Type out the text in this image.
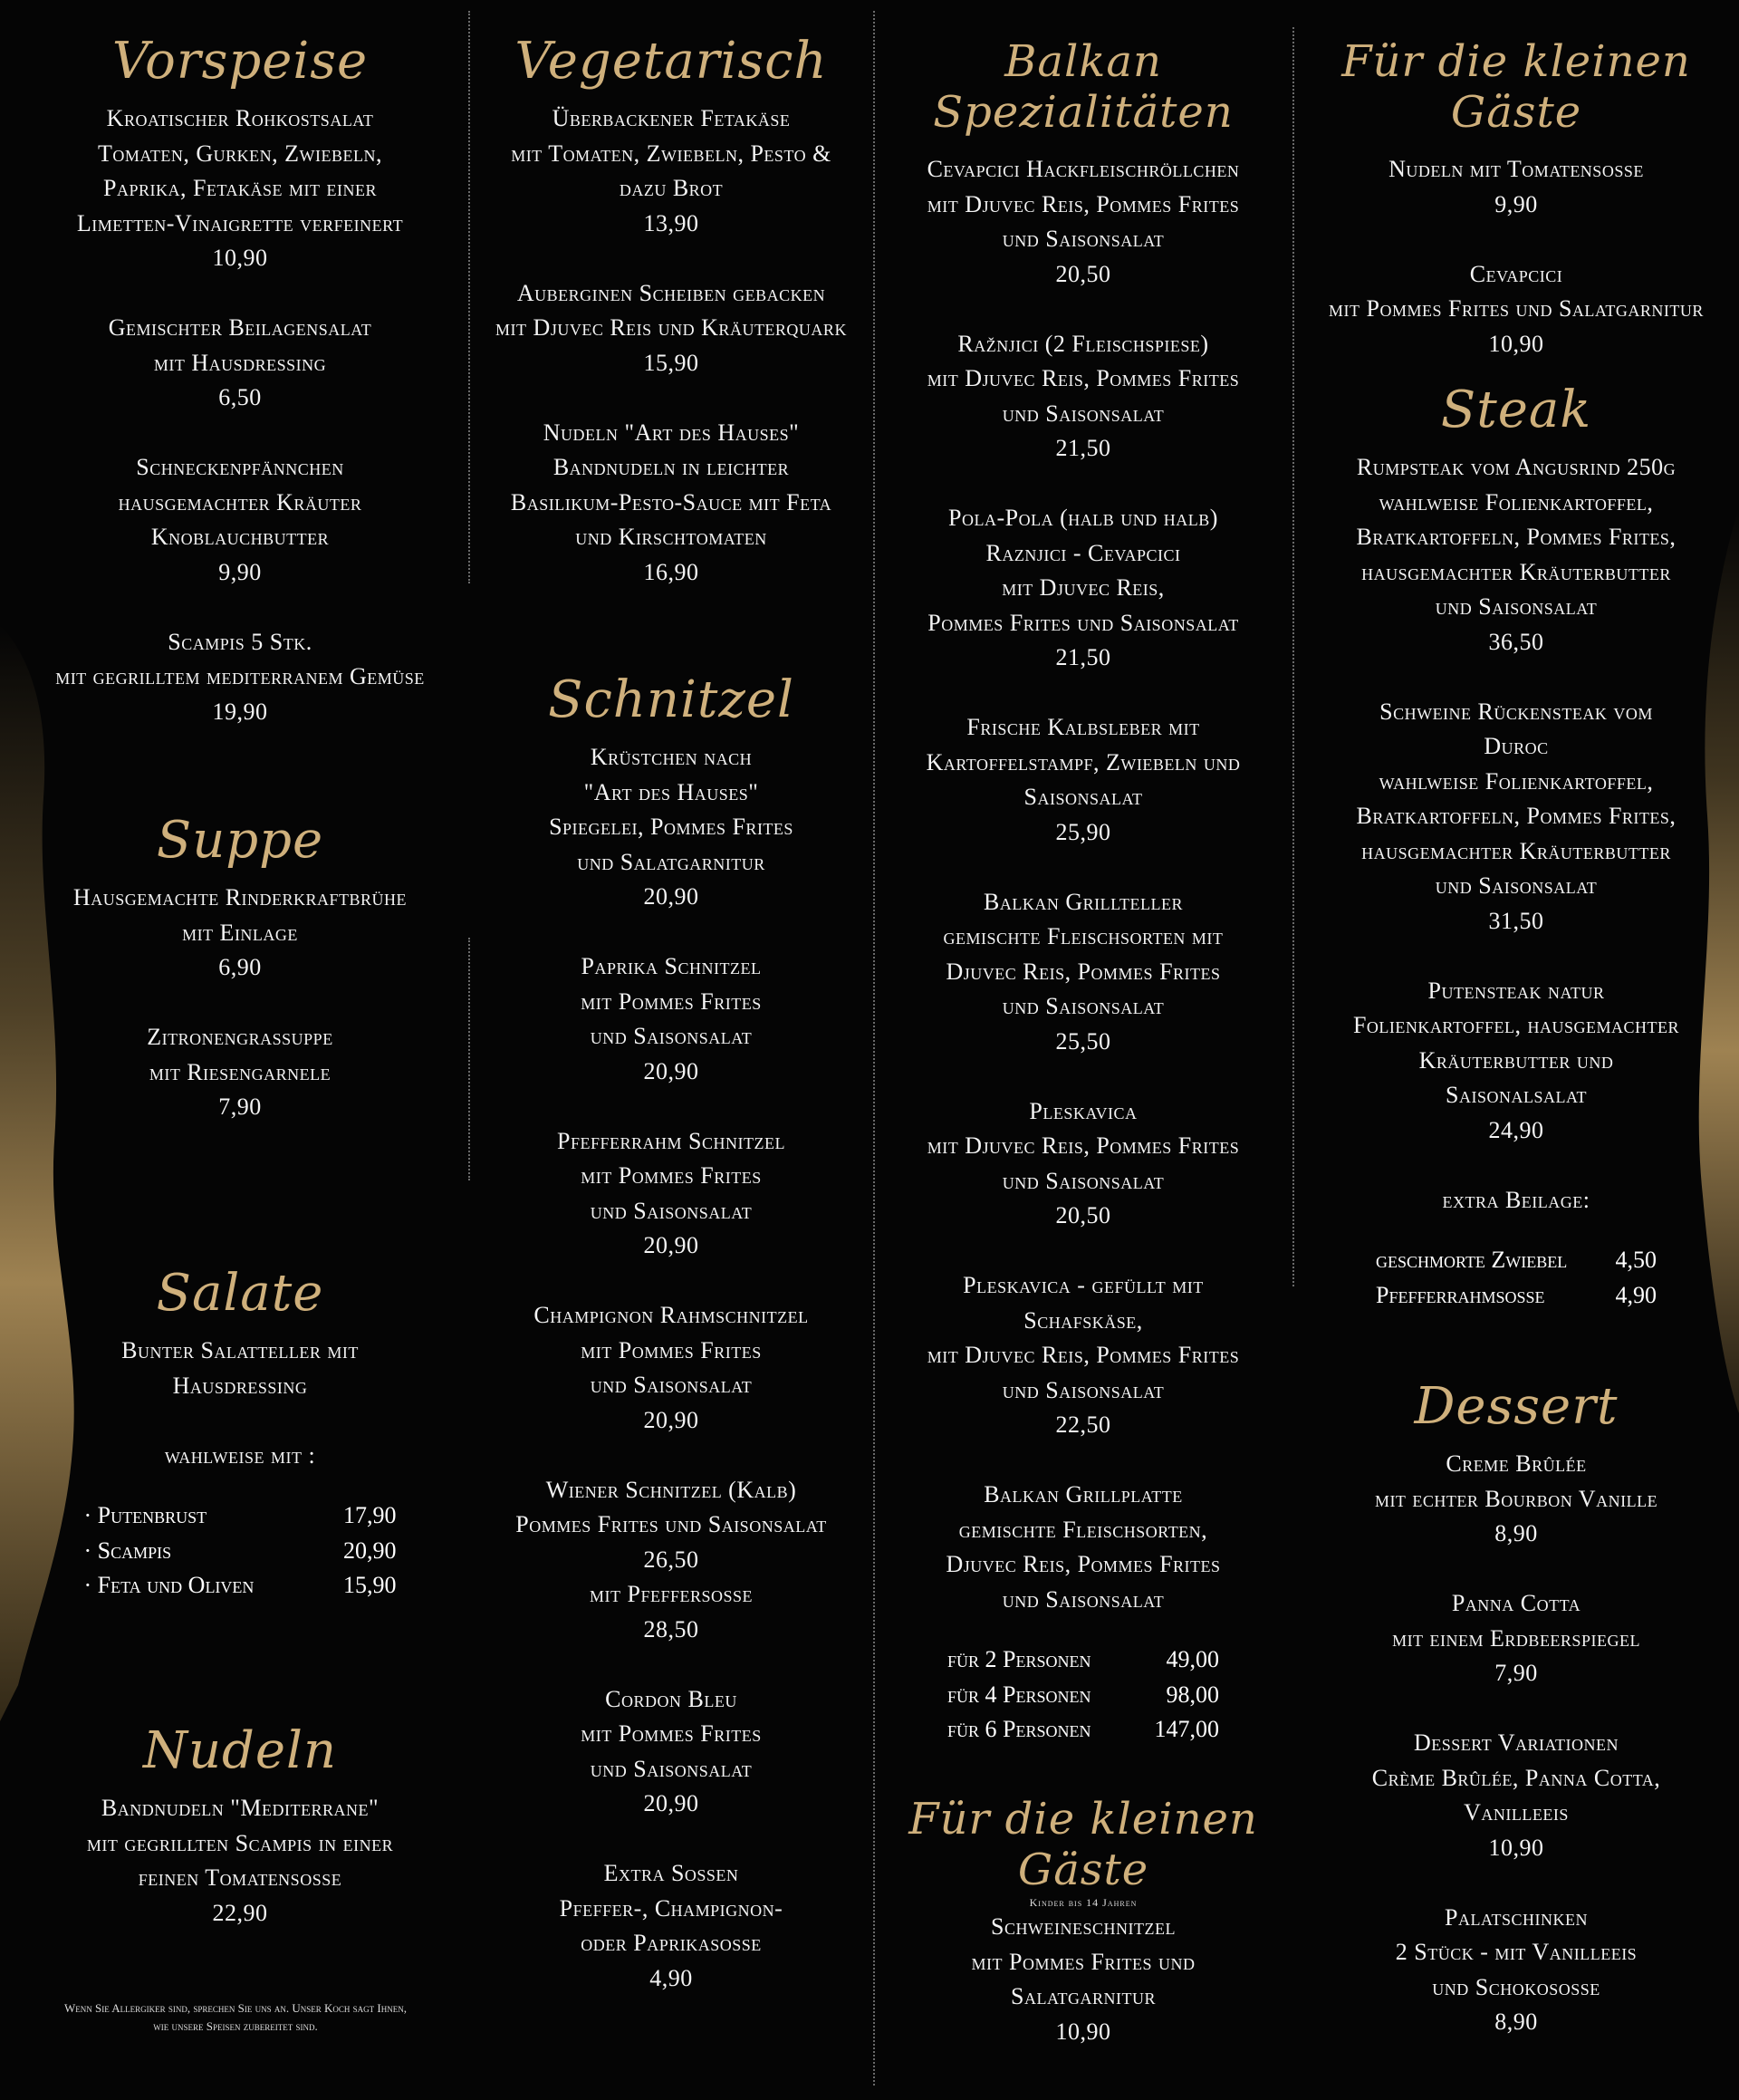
Vorspeise
Kroatischer Rohkostsalat
Tomaten, Gurken, Zwiebeln,
Paprika, Fetakäse mit einer
Limetten-Vinaigrette verfeinert
10,90
Gemischter Beilagensalat
mit Hausdressing
6,50
Schneckenpfännchen
hausgemachter Kräuter
Knoblauchbutter
9,90
Scampis 5 Stk.
mit gegrilltem mediterranem Gemüse
19,90
Suppe
Hausgemachte Rinderkraftbrühe
mit Einlage
6,90
Zitronengrassuppe
mit Riesengarnele
7,90
Salate
Bunter Salatteller mit
Hausdressing
wahlweise mit :
· Putenbrust	17,90
· Scampis	20,90
· Feta und Oliven	15,90
Nudeln
Bandnudeln "Mediterrane"
mit gegrillten Scampis in einer
feinen Tomatensosse
22,90
Vegetarisch
Überbackener Fetakäse
mit Tomaten, Zwiebeln, Pesto &
dazu Brot
13,90
Auberginen Scheiben gebacken
mit Djuvec Reis und Kräuterquark
15,90
Nudeln "Art des Hauses"
Bandnudeln in leichter
Basilikum-Pesto-Sauce mit Feta
und Kirschtomaten
16,90
Schnitzel
Krüstchen nach
"Art des Hauses"
Spiegelei, Pommes Frites
und Salatgarnitur
20,90
Paprika Schnitzel
mit Pommes Frites
und Saisonsalat
20,90
Pfefferrahm Schnitzel
mit Pommes Frites
und Saisonsalat
20,90
Champignon Rahmschnitzel
mit Pommes Frites
und Saisonsalat
20,90
Wiener Schnitzel (Kalb)
Pommes Frites und Saisonsalat
26,50
mit Pfeffersosse
28,50
Cordon Bleu
mit Pommes Frites
und Saisonsalat
20,90
Extra Sossen
Pfeffer-, Champignon-
oder Paprikasosse
4,90
Balkan Spezialitäten
Cevapcici Hackfleischröllchen
mit Djuvec Reis, Pommes Frites
und Saisonsalat
20,50
Ražnjici (2 Fleischspiese)
mit Djuvec Reis, Pommes Frites
und Saisonsalat
21,50
Pola-Pola (halb und halb)
Raznjici - Cevapcici
mit Djuvec Reis,
Pommes Frites und Saisonsalat
21,50
Frische Kalbsleber mit
Kartoffelstampf, Zwiebeln und
Saisonsalat
25,90
Balkan Grillteller
gemischte Fleischsorten mit
Djuvec Reis, Pommes Frites
und Saisonsalat
25,50
Pleskavica
mit Djuvec Reis, Pommes Frites
und Saisonsalat
20,50
Pleskavica - gefüllt mit
Schafskäse,
mit Djuvec Reis, Pommes Frites
und Saisonsalat
22,50
Balkan Grillplatte
gemischte Fleischsorten,
Djuvec Reis, Pommes Frites
und Saisonsalat
für 2 Personen	49,00
für 4 Personen	98,00
für 6 Personen	147,00
Für die kleinen Gäste
Kinder bis 14 Jahren
Schweineschnitzel
mit Pommes Frites und
Salatgarnitur
10,90
Für die kleinen Gäste
Nudeln mit Tomatensosse
9,90
Cevapcici
mit Pommes Frites und Salatgarnitur
10,90
Steak
Rumpsteak vom Angusrind 250g
wahlweise Folienkartoffel,
Bratkartoffeln, Pommes Frites,
hausgemachter Kräuterbutter
und Saisonsalat
36,50
Schweine Rückensteak vom
Duroc
wahlweise Folienkartoffel,
Bratkartoffeln, Pommes Frites,
hausgemachter Kräuterbutter
und Saisonsalat
31,50
Putensteak natur
Folienkartoffel, hausgemachter
Kräuterbutter und
Saisonalsalat
24,90
extra Beilage:
geschmorte Zwiebel	4,50
Pfefferrahmsosse	4,90
Dessert
Creme Brûlée
mit echter Bourbon Vanille
8,90
Panna Cotta
mit einem Erdbeerspiegel
7,90
Dessert Variationen
Crème Brûlée, Panna Cotta,
Vanilleeis
10,90
Palatschinken
2 Stück - mit Vanilleeis
und Schokososse
8,90
Wenn Sie Allergiker sind, sprechen Sie uns an. Unser Koch sagt Ihnen, wie unsere Speisen zubereitet sind.
